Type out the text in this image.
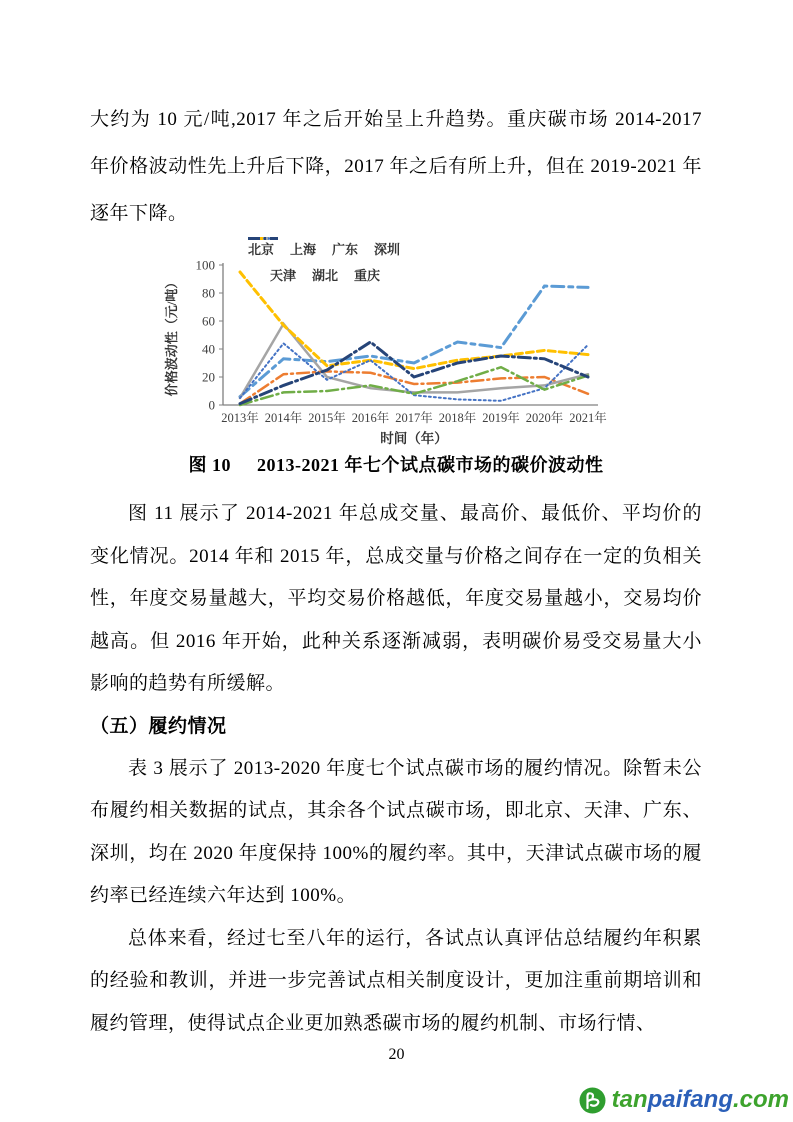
大约为 10 元/吨,2017 年之后开始呈上升趋势。重庆碳市场 2014-2017 年价格波动性先上升后下降，2017 年之后有所上升，但在 2019-2021 年逐年下降。

0
20
40
60
80
100
2013年 2014年 2015年 2016年 2017年 2018年 2019年 2020年 2021年
价格波动性（元/吨）
时间（年）
北京 上海 广东 深圳
天津 湖北 重庆
图 10 2013-2021 年七个试点碳市场的碳价波动性

图 11 展示了 2014-2021 年总成交量、最高价、最低价、平均价的变化情况。2014 年和 2015 年，总成交量与价格之间存在一定的负相关性，年度交易量越大，平均交易价格越低，年度交易量越小，交易均价越高。但 2016 年开始，此种关系逐渐减弱，表明碳价易受交易量大小影响的趋势有所缓解。

（五）履约情况

表 3 展示了 2013-2020 年度七个试点碳市场的履约情况。除暂未公布履约相关数据的试点，其余各个试点碳市场，即北京、天津、广东、深圳，均在 2020 年度保持 100%的履约率。其中，天津试点碳市场的履约率已经连续六年达到 100%。

总体来看，经过七至八年的运行，各试点认真评估总结履约年积累的经验和教训，并进一步完善试点相关制度设计，更加注重前期培训和履约管理，使得试点企业更加熟悉碳市场的履约机制、市场行情、

20
tanpaifang.com
